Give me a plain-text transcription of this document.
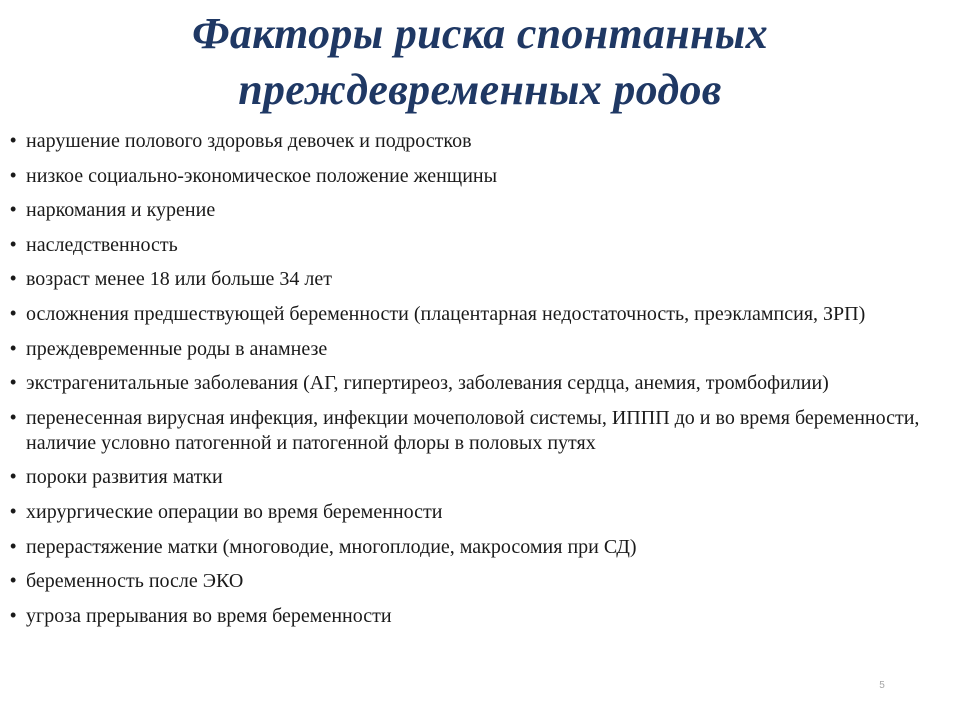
Факторы риска спонтанных
преждевременных родов
• нарушение полового здоровья девочек и подростков
• низкое социально-экономическое положение женщины
• наркомания и курение
• наследственность
• возраст менее 18 или больше 34 лет
• осложнения предшествующей беременности (плацентарная недостаточность, преэклампсия, ЗРП)
• преждевременные роды в анамнезе
• экстрагенитальные заболевания (АГ, гипертиреоз, заболевания сердца, анемия, тромбофилии)
• перенесенная вирусная инфекция, инфекции мочеполовой системы, ИППП до и во время беременности, наличие условно патогенной и патогенной флоры в половых путях
• пороки развития матки
• хирургические операции во время беременности
• перерастяжение матки (многоводие, многоплодие, макросомия при СД)
• беременность после ЭКО
• угроза прерывания во время беременности
5
